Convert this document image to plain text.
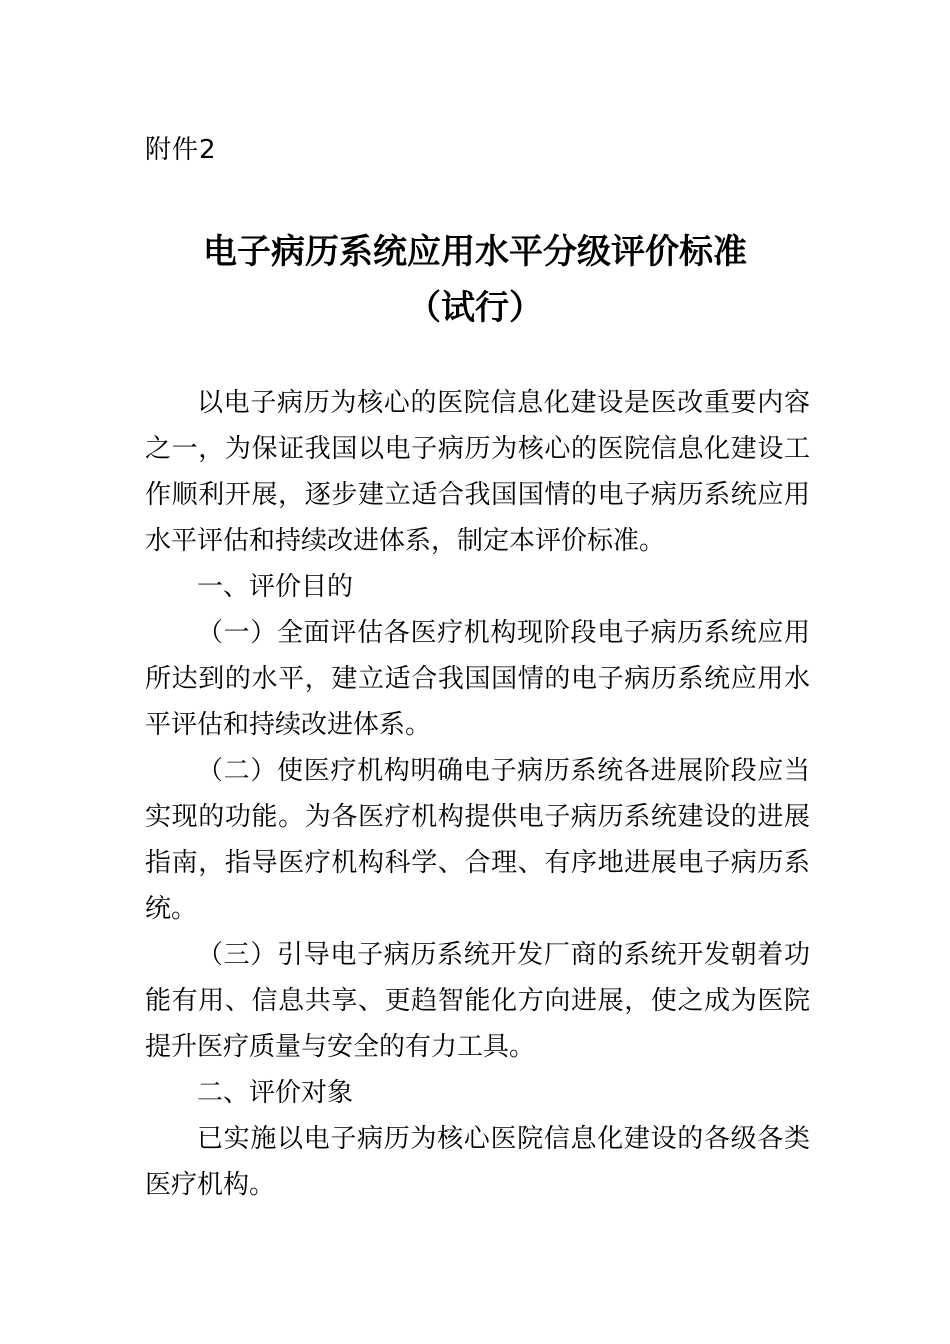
附件2
电子病历系统应用水平分级评价标准
（试行）

以电子病历为核心的医院信息化建设是医改重要内容之一，为保证我国以电子病历为核心的医院信息化建设工作顺利开展，逐步建立适合我国国情的电子病历系统应用水平评估和持续改进体系，制定本评价标准。

一、评价目的

（一）全面评估各医疗机构现阶段电子病历系统应用所达到的水平，建立适合我国国情的电子病历系统应用水平评估和持续改进体系。

（二）使医疗机构明确电子病历系统各进展阶段应当实现的功能。为各医疗机构提供电子病历系统建设的进展指南，指导医疗机构科学、合理、有序地进展电子病历系统。

（三）引导电子病历系统开发厂商的系统开发朝着功能有用、信息共享、更趋智能化方向进展，使之成为医院提升医疗质量与安全的有力工具。

二、评价对象

已实施以电子病历为核心医院信息化建设的各级各类医疗机构。
